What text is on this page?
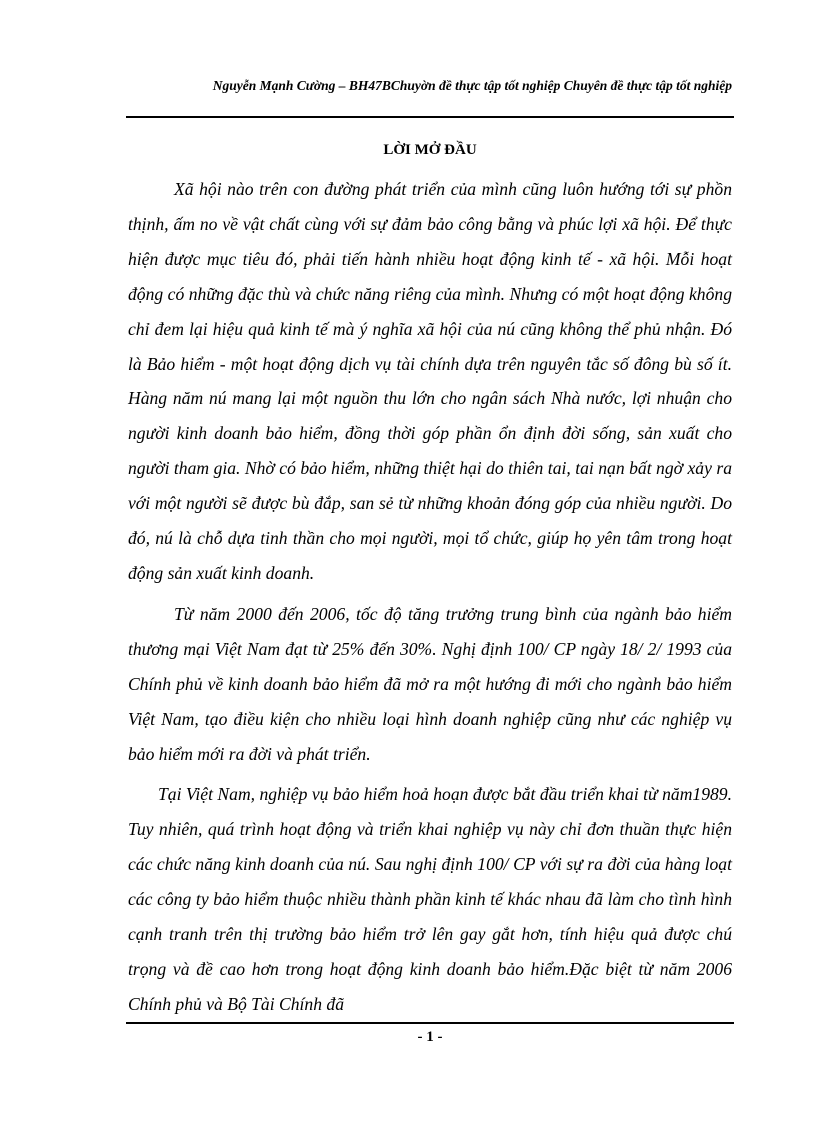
Nguyễn Mạnh Cường – BH47BChuyờn đề thực tập tốt nghiệp Chuyên đề thực tập tốt nghiệp
LỜI MỞ ĐẦU

Xã hội nào trên con đường phát triển của mình cũng luôn hướng tới sự phồn thịnh, ấm no về vật chất cùng với sự đảm bảo công bằng và phúc lợi xã hội. Để thực hiện được mục tiêu đó, phải tiến hành nhiều hoạt động kinh tế - xã hội. Mỗi hoạt động có những đặc thù và chức năng riêng của mình. Nhưng có một hoạt động không chỉ đem lại hiệu quả kinh tế mà ý nghĩa xã hội của nú cũng không thể phủ nhận. Đó là Bảo hiểm - một hoạt động dịch vụ tài chính dựa trên nguyên tắc số đông bù số ít. Hàng năm nú mang lại một nguồn thu lớn cho ngân sách Nhà nước, lợi nhuận cho người kinh doanh bảo hiểm, đồng thời góp phần ổn định đời sống, sản xuất cho người tham gia. Nhờ có bảo hiểm, những thiệt hại do thiên tai, tai nạn bất ngờ xảy ra với một người sẽ được bù đắp, san sẻ từ những khoản đóng góp của nhiều người. Do đó, nú là chỗ dựa tinh thần cho mọi người, mọi tổ chức, giúp họ yên tâm trong hoạt động sản xuất kinh doanh.

Từ năm 2000 đến 2006, tốc độ tăng trưởng trung bình của ngành bảo hiểm thương mại Việt Nam đạt từ 25% đến 30%. Nghị định 100/ CP ngày 18/ 2/ 1993 của Chính phủ về kinh doanh bảo hiểm đã mở ra một hướng đi mới cho ngành bảo hiểm Việt Nam, tạo điều kiện cho nhiều loại hình doanh nghiệp cũng như các nghiệp vụ bảo hiểm mới ra đời và phát triển.

Tại Việt Nam, nghiệp vụ bảo hiểm hoả hoạn được bắt đầu triển khai từ năm1989. Tuy nhiên, quá trình hoạt động và triển khai nghiệp vụ này chỉ đơn thuần thực hiện các chức năng kinh doanh của nú. Sau nghị định 100/ CP với sự ra đời của hàng loạt các công ty bảo hiểm thuộc nhiều thành phần kinh tế khác nhau đã làm cho tình hình cạnh tranh trên thị trường bảo hiểm trở lên gay gắt hơn, tính hiệu quả được chú trọng và đề cao hơn trong hoạt động kinh doanh bảo hiểm.Đặc biệt từ năm 2006 Chính phủ và Bộ Tài Chính đã

- 1 -
